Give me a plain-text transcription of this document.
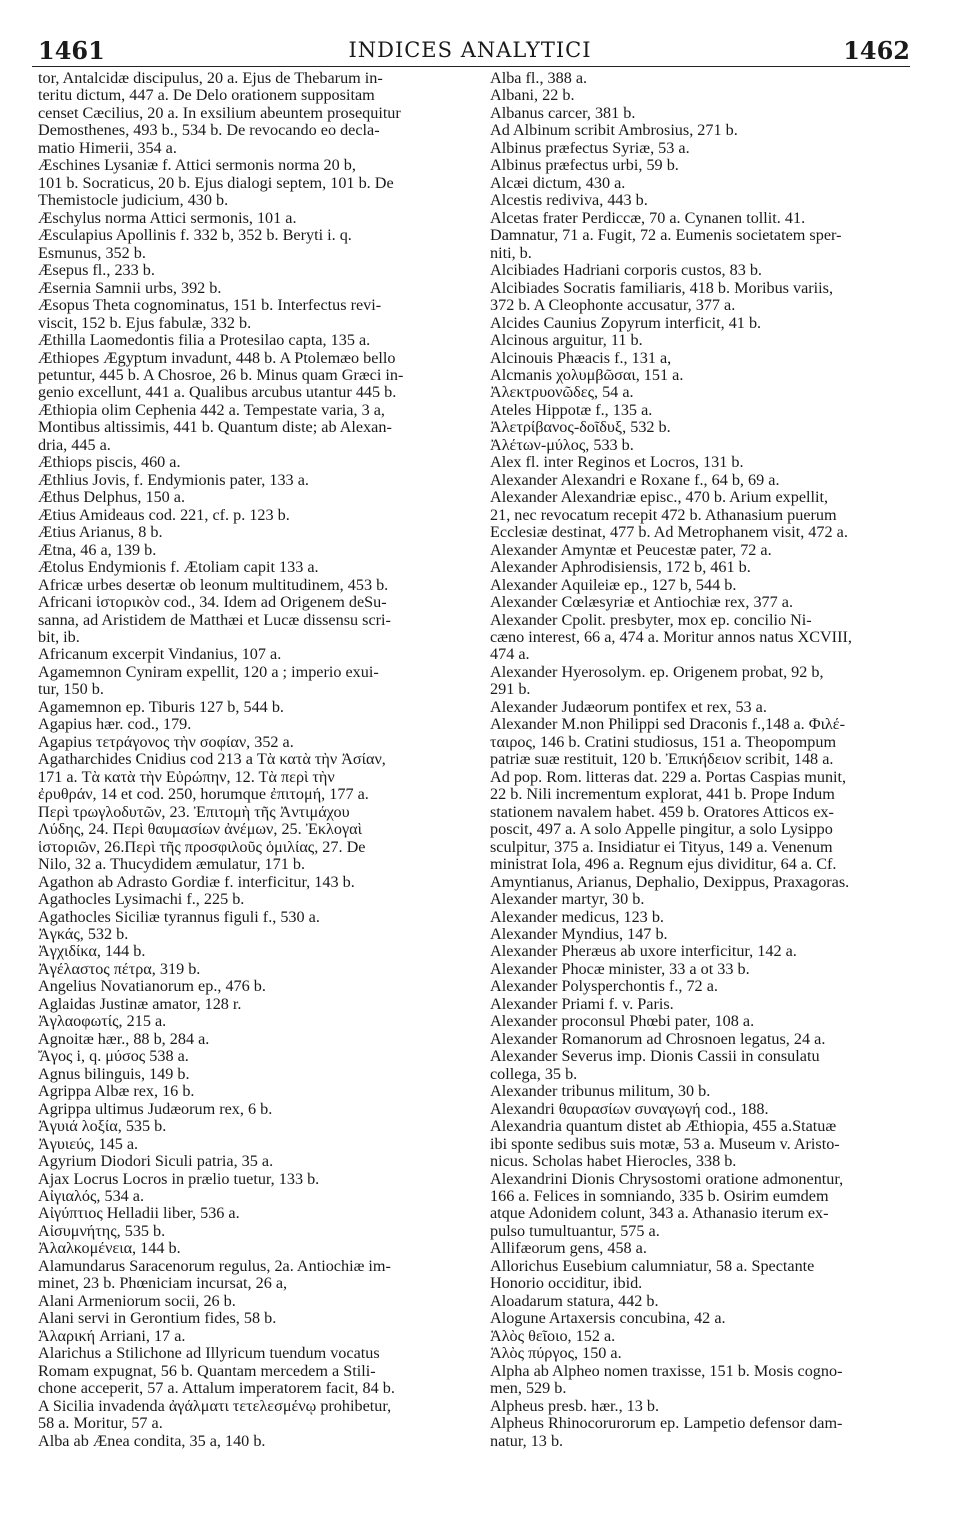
1461	INDICES ANALYTICI	1462
tor, Antalcidæ discipulus, 20 a. Ejus de Thebarum in-
teritu dictum, 447 a. De Delo orationem suppositam
censet Cæcilius, 20 a. In exsilium abeuntem prosequitur
Demosthenes, 493 b., 534 b. De revocando eo declа-
matio Himerii, 354 a.
Æschines Lysaniæ f. Attici sermonis norma 20 b,
101 b. Socraticus, 20 b. Ejus dialogi septem, 101 b. De
Themistocle judicium, 430 b.
Æschylus norma Attici sermonis, 101 a.
Æsculapius Apollinis f. 332 b, 352 b. Beryti i. q.
Esmunus, 352 b.
Æsepus fl., 233 b.
Æsernia Samnii urbs, 392 b.
Æsopus Theta cognominatus, 151 b. Interfectus revi-
viscit, 152 b. Ejus fabulæ, 332 b.
Æthilla Laomedontis filia a Protesilao capta, 135 a.
Æthiopes Ægyptum invadunt, 448 b. A Ptolemæo bello
petuntur, 445 b. A Chosroe, 26 b. Minus quam Græci in-
genio excellunt, 441 a. Qualibus arcubus utantur 445 b.
Æthiopia olim Cephenia 442 a. Tempestate varia, 3 a,
Montibus altissimis, 441 b. Quantum diste; ab Alexan-
dria, 445 a.
Æthiops piscis, 460 a.
Æthlius Jovis, f. Endymionis pater, 133 a.
Æthus Delphus, 150 a.
Ætius Amideaus cod. 221, cf. p. 123 b.
Ætius Arianus, 8 b.
Ætna, 46 a, 139 b.
Ætolus Endymionis f. Ætoliam capit 133 a.
Africæ urbes desertæ ob leonum multitudinem, 453 b.
Africani ἱστορικὸν cod., 34. Idem ad Origenem deSu-
sanna, ad Aristidem de Matthæi et Lucæ dissensu scri-
bit, ib.
Africanum excerpit Vindanius, 107 a.
Agamemnon Cyniram expellit, 120 a ; imperio exui-
tur, 150 b.
Agamemnon ep. Tiburis 127 b, 544 b.
Agapius hær. cod., 179.
Agapius τετράγονος τὴν σοφίαν, 352 a.
Agatharchides Cnidius cod 213 a Τὰ κατὰ τὴν Ἀσίαν,
171 a. Τὰ κατὰ τὴν Εὐρώπην, 12. Τὰ περὶ τὴν
ἐρυθράν, 14 et cod. 250, horumque ἐπιτομή, 177 a.
Περὶ τρωγλοδυτῶν, 23. Ἐπιτομὴ τῆς Ἀντιμάχου
Λύδης, 24. Περὶ θαυμασίων ἀνέμων, 25. Ἐκλογαὶ
ἱστοριῶν, 26.Περὶ τῆς προσφιλοῦς ὁμιλίας, 27. De
Nilo, 32 a. Thucydidem æmulatur, 171 b.
Agathon ab Adrasto Gordiæ f. interficitur, 143 b.
Agathocles Lysimachi f., 225 b.
Agathocles Siciliæ tyrannus figuli f., 530 a.
Ἀγκάς, 532 b.
Ἀγχιδίκα, 144 b.
Ἀγέλαστος πέτρα, 319 b.
Angelius Novatianorum ep., 476 b.
Aglaidas Justinæ amator, 128 r.
Ἀγλαοφωτίς, 215 a.
Agnoitæ hær., 88 b, 284 a.
Ἄγος i, q. μύσος 538 a.
Agnus bilinguis, 149 b.
Agrippa Albæ rex, 16 b.
Agrippa ultimus Judæorum rex, 6 b.
Ἀγυιά λοξία, 535 b.
Ἀγυιεύς, 145 a.
Agyrium Diodori Siculi patria, 35 a.
Ajax Locrus Locros in prælio tuetur, 133 b.
Αἰγιαλός, 534 a.
Αἰγύπτιος Helladii liber, 536 a.
Αἰσυμνήτης, 535 b.
Ἀλαλκομένεια, 144 b.
Alamundarus Saracenorum regulus, 2a. Antiochiæ im-
minet, 23 b. Phœniciam incursat, 26 a,
Alani Armeniorum socii, 26 b.
Alani servi in Gerontium fides, 58 b.
Ἀλαρική Arriani, 17 a.
Alarichus a Stilichone ad Illyricum tuendum vocatus
Romam expugnat, 56 b. Quantam mercedem a Stili-
chone acceperit, 57 a. Attalum imperatorem facit, 84 b.
A Sicilia invadenda ἀγάλματι τετελεσμένῳ prohibetur,
58 a. Moritur, 57 a.
Alba ab Ænea condita, 35 a, 140 b.
Alba fl., 388 a.
Albani, 22 b.
Albanus carcer, 381 b.
Ad Albinum scribit Ambrosius, 271 b.
Albinus præfectus Syriæ, 53 a.
Albinus præfectus urbi, 59 b.
Alcæi dictum, 430 a.
Alcestis rediviva, 443 b.
Alcetas frater Perdiccæ, 70 a. Cynanen tollit. 41.
Damnatur, 71 a. Fugit, 72 a. Eumenis societatem sper-
niti, b.
Alcibiades Hadriani corporis custos, 83 b.
Alcibiades Socratis familiaris, 418 b. Moribus variis,
372 b. A Cleophonte accusatur, 377 a.
Alcides Caunius Zopyrum interficit, 41 b.
Alcinous arguitur, 11 b.
Alcinouis Phæacis f., 131 a,
Alcmanis χολυμβῶσαι, 151 a.
Ἀλεκτρυονῶδες, 54 a.
Ateles Hippotæ f., 135 a.
Ἀλετρίβανος-δοῖδυξ, 532 b.
Ἀλέτων-μύλος, 533 b.
Alex fl. inter Reginos et Locros, 131 b.
Alexander Alexandri e Roxane f., 64 b, 69 a.
Alexander Alexandriæ episc., 470 b. Arium expellit,
21, nec revocatum recepit 472 b. Athanasium puerum
Ecclesiæ destinat, 477 b. Ad Metrophanem visit, 472 a.
Alexander Amyntæ et Peucestæ pater, 72 a.
Alexander Aphrodisiensis, 172 b, 461 b.
Alexander Aquileiæ ep., 127 b, 544 b.
Alexander Cœlæsyriæ et Antiochiæ rex, 377 a.
Alexander Cpolit. presbyter, mox ep. concilio Ni-
cæno interest, 66 a, 474 a. Moritur annos natus XCVIII,
474 a.
Alexander Hyerosolym. ep. Origenem probat, 92 b,
291 b.
Alexander Judæorum pontifex et rex, 53 a.
Alexander M.non Philippi sed Draconis f.,148 a. Φιλέ-
ταιρος, 146 b. Cratini studiosus, 151 a. Theopompum
patriæ suæ restituit, 120 b. Ἐπικήδειον scribit, 148 a.
Ad pop. Rom. litteras dat. 229 a. Portas Caspias munit,
22 b. Nili incrementum explorat, 441 b. Prope Indum
stationem navalem habet. 459 b. Oratores Atticos ex-
poscit, 497 a. A solo Appelle pingitur, a solo Lysippo
sculpitur, 375 a. Insidiatur ei Tityus, 149 a. Venenum
ministrat Iola, 496 a. Regnum ejus dividitur, 64 a. Cf.
Amyntianus, Arianus, Dephalio, Dexippus, Praxagoras.
Alexander martyr, 30 b.
Alexander medicus, 123 b.
Alexander Myndius, 147 b.
Alexander Pheræus ab uxore interficitur, 142 a.
Alexander Phocæ minister, 33 a ot 33 b.
Alexander Polysperchontis f., 72 a.
Alexander Priami f. v. Paris.
Alexander proconsul Phœbi pater, 108 a.
Alexander Romanorum ad Chrosnoen legatus, 24 a.
Alexander Severus imp. Dionis Cassii in consulatu
collega, 35 b.
Alexander tribunus militum, 30 b.
Alexandri θαυρασίων συναγωγή cod., 188.
Alexandria quantum distet ab Æthiopia, 455 a.Statuæ
ibi sponte sedibus suis motæ, 53 a. Museum v. Aristo-
nicus. Scholas habet Hierocles, 338 b.
Alexandrini Dionis Chrysostomi oratione admonentur,
166 a. Felices in somniando, 335 b. Osirim eumdem
atque Adonidem colunt, 343 a. Athanasio iterum ex-
pulso tumultuantur, 575 a.
Allifæorum gens, 458 a.
Allorichus Eusebium calumniatur, 58 a. Spectante
Honorio occiditur, ibid.
Aloadarum statura, 442 b.
Alogune Artaxersis concubina, 42 a.
Ἁλὸς θεῖοιο, 152 a.
Ἁλὸς πύργος, 150 a.
Alpha ab Alpheo nomen traxisse, 151 b. Mosis cogno-
men, 529 b.
Alpheus presb. hær., 13 b.
Alpheus Rhinocorurorum ep. Lampetio defensor dam-
natur, 13 b.
